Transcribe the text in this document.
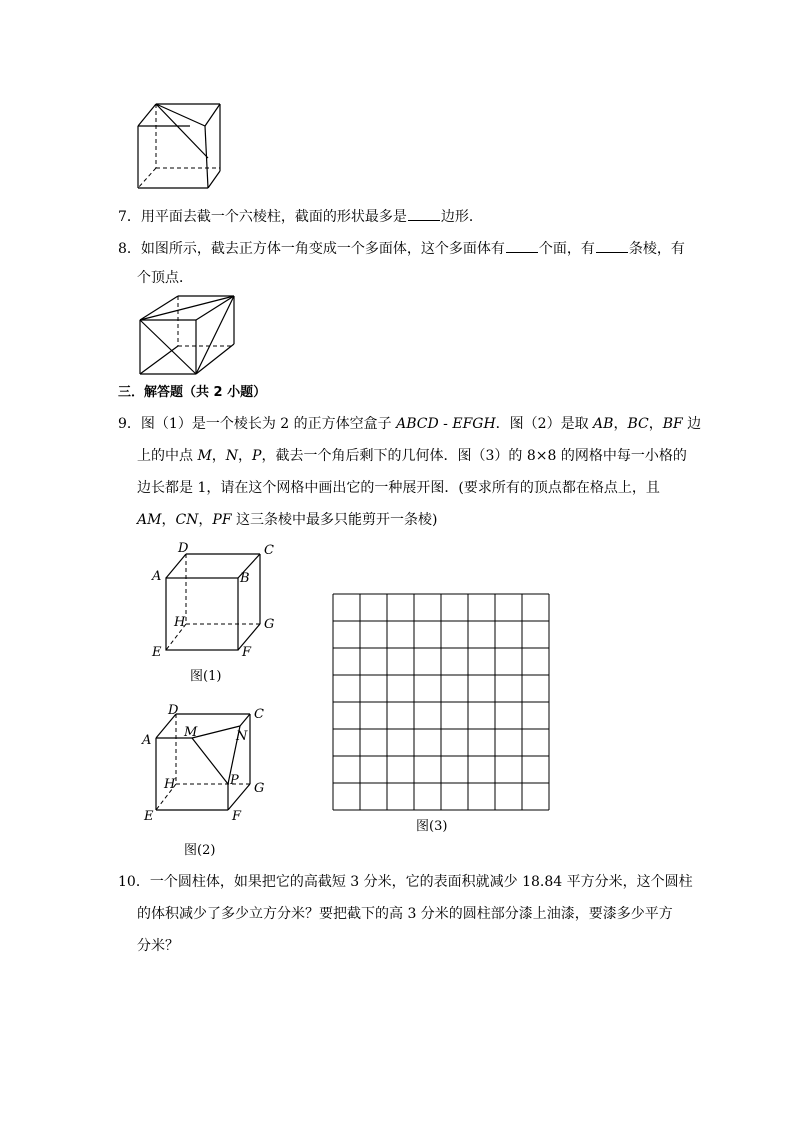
7．用平面去截一个六棱柱，截面的形状最多是 边形．
8．如图所示，截去正方体一角变成一个多面体，这个多面体有 个面，有 条棱，有
个顶点．
三．解答题（共 2 小题）
9．图（1）是一个棱长为 2 的正方体空盒子 ABCD - EFGH．图（2）是取 AB，BC，BF 边
上的中点 M，N，P，截去一个角后剩下的几何体．图（3）的 8×8 的网格中每一小格的
边长都是 1，请在这个网格中画出它的一种展开图．(要求所有的顶点都在格点上，且
AM，CN，PF 这三条棱中最多只能剪开一条棱)
D	C
A	B
H	G
E	F
图(1)
D	C
A
M	N
P
H	G
E	F
图(2)
图(3)
10．一个圆柱体，如果把它的高截短 3 分米，它的表面积就减少 18.84 平方分米，这个圆柱
的体积减少了多少立方分米？要把截下的高 3 分米的圆柱部分漆上油漆，要漆多少平方
分米？
